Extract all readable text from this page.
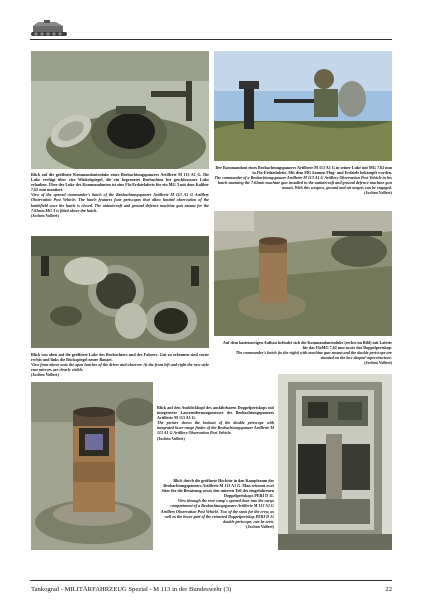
Blick auf die geöffnete Kommandantenluke eines Beobachtungspanzers Artillerie M 113 A1 G. Die Luke verfügt über vier Winkelspiegel, die ein begrenztes Beobachten bei geschlossener Luke erlauben. Über der Luke des Kommandanten ist eine Fla-Erdzielafette für ein MG 3 mit dem Kaliber 7,62 mm montiert.
View of the opened commander's hatch of the Beobachtungspanzer Artillerie M 113 A1 G Artillery Observation Post Vehicle. The hatch features four periscopes that allow limited observation of the battlefield once the hatch is closed. The antiaircraft and ground defence machine gun mount for the 7.62mm MG 3 is fitted above the hatch.
(Jochen Vollert)
Der Kommandant eines Beobachtungspanzers Artillerie M 113 A1 G in seiner Luke mit MG 7,62 mm in Fla-Erdzielafette. Mit dem MG können Flug- und Erdziele bekämpft werden.
The commander of a Beobachtungspanzer Artillerie M 113 A1 G Artillery Observation Post Vehicle in his hatch manning the 7.62mm machine gun installed in the antiaircraft and ground defence machine gun mount. With this weapon, ground and air targets can be engaged.
(Jochen Vollert)
Auf dem kastenartigen Aufbau befindet sich die Kommandantenluke (rechts im Bild) mit Lafette für das FlaMG 7,62 mm sowie das Doppelperiskop.
The commander's hatch (to the right) with machine gun mount and the double periscope are situated on the box shaped superstructure.
(Jochen Vollert)
Blick von oben auf die geöffnete Luke des Beobachters und des Fahrers. Gut zu erkennen sind vorne rechts und links die Rückspiegel neuer Bauart.
View from above onto the open hatches of the driver and observer. At the front left and right the new style rear mirrors are clearly visible.
(Jochen Vollert)
Blick auf den Ausblickkopf des ausfahrbaren Doppelperiskops mit integrierter Laserentfernungsmesser des Beobachtungspanzers Artillerie M 113 A1 G.
The picture shows the lookout of the double periscope with integrated laser range finder of the Beobachtungspanzer Artillerie M 113 A1 G Artillery Observation Post Vehicle.
(Jochen Vollert)
Blick durch die geöffnete Hecktür in den Kampfraum des Beobachtungspanzers Artillerie M 113 A1 G. Man erkennt zwei Sitze für die Besatzung sowie den unteren Teil des eingefahrenen Doppelperiskops PERI D 11.
View through the rear ramp's opened door into the cargo compartment of a Beobachtungspanzer Artillerie M 113 A1 G Artillery Observation Post Vehicle. Two of the seats for the crew, as well as the lower part of the retracted Doppelperiskop PERI D 11 double periscope, can be seen.
(Jochen Vollert)
Tankograd - MILITÄRFAHRZEUG Spezial - M 113 in der Bundeswehr (3)	22
